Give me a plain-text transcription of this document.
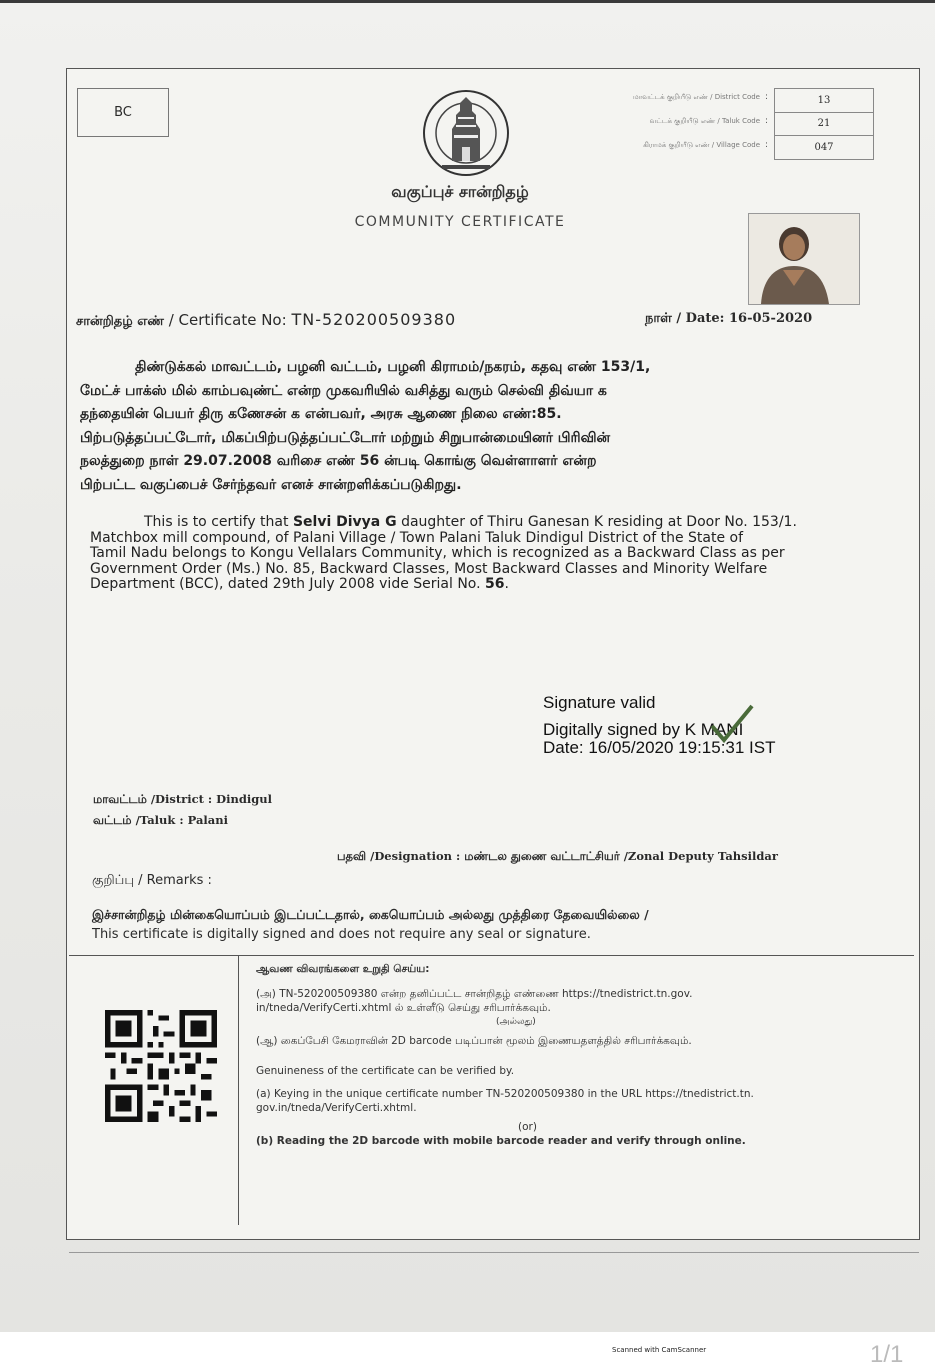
BC
மாவட்டக் குறியீடு எண் / District Code :	13
வட்டக் குறியீடு எண் / Taluk Code :	21
கிராமக் குறியீடு எண் / Village Code :	047
வகுப்புச் சான்றிதழ்
COMMUNITY CERTIFICATE
சான்றிதழ் எண் / Certificate No: TN-520200509380	நாள் / Date: 16-05-2020

திண்டுக்கல் மாவட்டம், பழனி வட்டம், பழனி கிராமம்/நகரம், கதவு எண் 153/1,

மேட்ச் பாக்ஸ் மில் காம்பவுண்ட் என்ற முகவரியில் வசித்து வரும் செல்வி திவ்யா க

தந்தையின் பெயர் திரு கணேசன் க என்பவர், அரசு ஆணை நிலை எண்:85.

பிற்படுத்தப்பட்டோர், மிகப்பிற்படுத்தப்பட்டோர் மற்றும் சிறுபான்மையினர் பிரிவின்

நலத்துறை நாள் 29.07.2008 வரிசை எண் 56 ன்படி கொங்கு வெள்ளாளர் என்ற

பிற்பட்ட வகுப்பைச் சேர்ந்தவர் எனச் சான்றளிக்கப்படுகிறது.

This is to certify that Selvi Divya G daughter of Thiru Ganesan K residing at Door No. 153/1.

Matchbox mill compound, of Palani Village / Town Palani Taluk Dindigul District of the State of

Tamil Nadu belongs to Kongu Vellalars Community, which is recognized as a Backward Class as per

Government Order (Ms.) No. 85, Backward Classes, Most Backward Classes and Minority Welfare

Department (BCC), dated 29th July 2008 vide Serial No. 56.

Signature valid
Digitally signed by K MANI
Date: 16/05/2020 19:15:31 IST
மாவட்டம் /District : Dindigul
வட்டம் /Taluk : Palani
பதவி /Designation : மண்டல துணை வட்டாட்சியர் /Zonal Deputy Tahsildar
குறிப்பு / Remarks :
இச்சான்றிதழ் மின்கையொப்பம் இடப்பட்டதால், கையொப்பம் அல்லது முத்திரை தேவையில்லை /
This certificate is digitally signed and does not require any seal or signature.

ஆவண விவரங்களை உறுதி செய்ய:

(அ) TN-520200509380 என்ற தனிப்பட்ட சான்றிதழ் எண்ணை https://tnedistrict.tn.gov.

in/tneda/VerifyCerti.xhtml ல் உள்ளீடு செய்து சரிபார்க்கவும்.

(அல்லது)

(ஆ) கைப்பேசி கேமராவின் 2D barcode படிப்பான் மூலம் இணையதளத்தில் சரிபார்க்கவும்.

Genuineness of the certificate can be verified by.

(a) Keying in the unique certificate number TN-520200509380 in the URL https://tnedistrict.tn.

gov.in/tneda/VerifyCerti.xhtml.

(or)

(b) Reading the 2D barcode with mobile barcode reader and verify through online.

Scanned with CamScanner	1/1
